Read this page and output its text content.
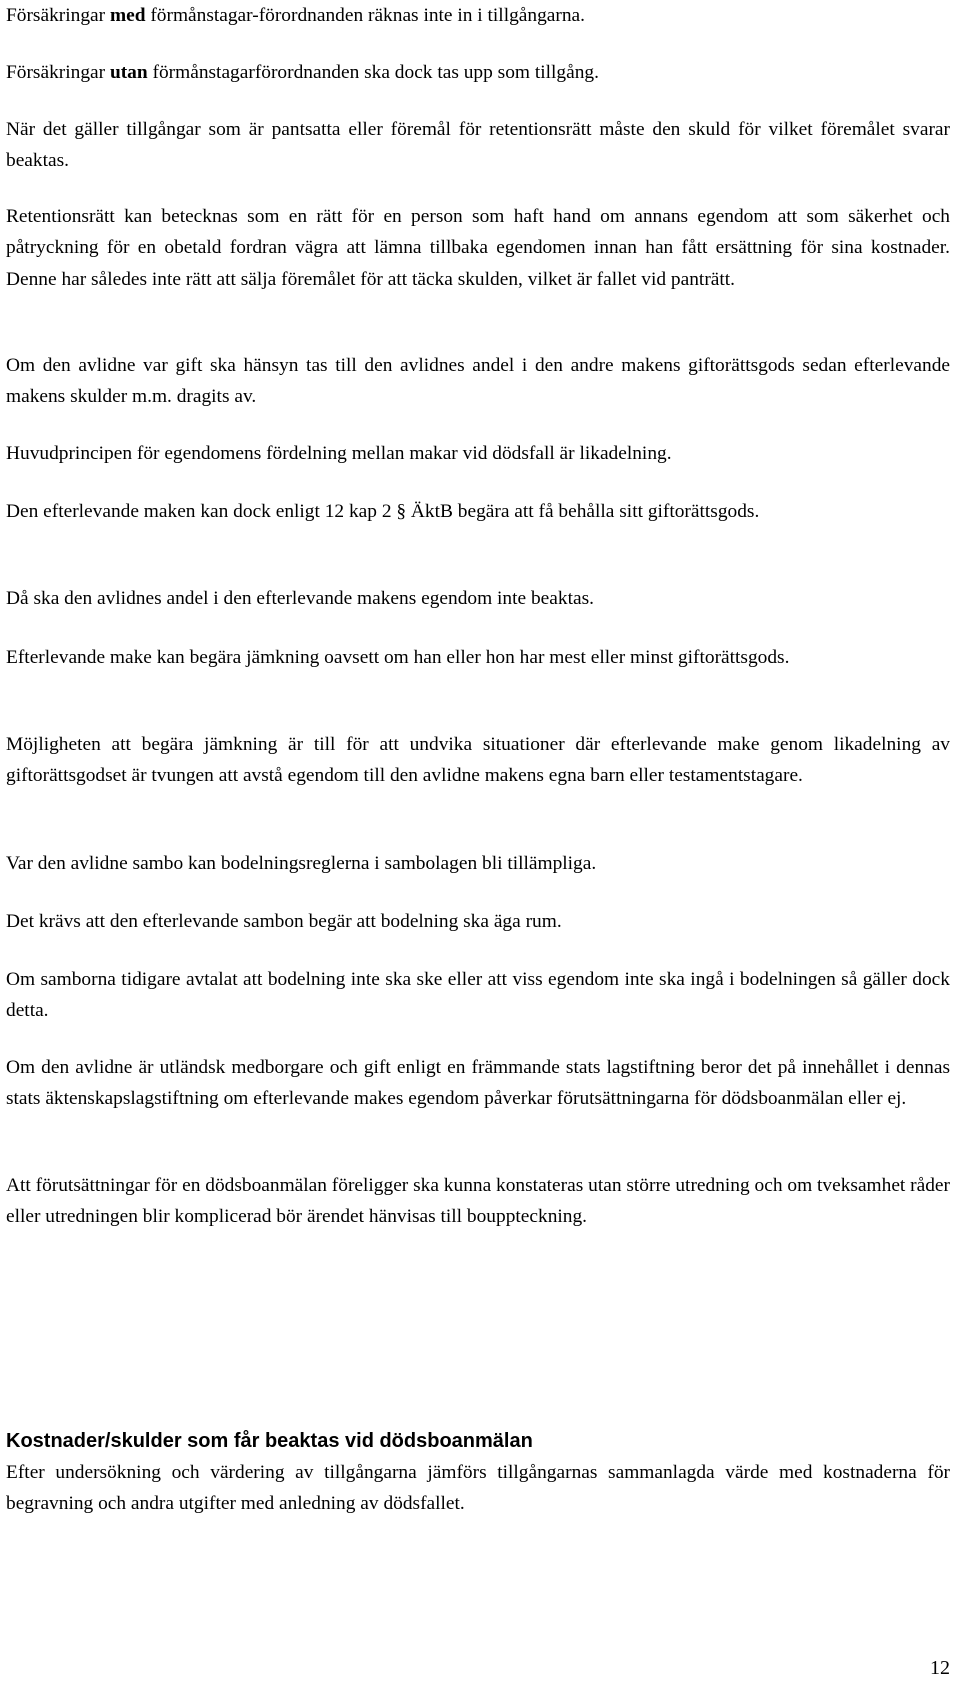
Försäkringar med förmånstagar-förordnanden räknas inte in i tillgångarna.

Försäkringar utan förmånstagarförordnanden ska dock tas upp som tillgång.

När det gäller tillgångar som är pantsatta eller föremål för retentionsrätt måste den skuld för vilket föremålet svarar beaktas.

Retentionsrätt kan betecknas som en rätt för en person som haft hand om annans egendom att som säkerhet och påtryckning för en obetald fordran vägra att lämna tillbaka egendomen innan han fått ersättning för sina kostnader. Denne har således inte rätt att sälja föremålet för att täcka skulden, vilket är fallet vid panträtt.

Om den avlidne var gift ska hänsyn tas till den avlidnes andel i den andre makens giftorättsgods sedan efterlevande makens skulder m.m. dragits av.

Huvudprincipen för egendomens fördelning mellan makar vid dödsfall är likadelning.

Den efterlevande maken kan dock enligt 12 kap 2 § ÄktB begära att få behålla sitt giftorättsgods.

Då ska den avlidnes andel i den efterlevande makens egendom inte beaktas.

Efterlevande make kan begära jämkning oavsett om han eller hon har mest eller minst giftorättsgods.

Möjligheten att begära jämkning är till för att undvika situationer där efterlevande make genom likadelning av giftorättsgodset är tvungen att avstå egendom till den avlidne makens egna barn eller testamentstagare.

Var den avlidne sambo kan bodelningsreglerna i sambolagen bli tillämpliga.

Det krävs att den efterlevande sambon begär att bodelning ska äga rum.

Om samborna tidigare avtalat att bodelning inte ska ske eller att viss egendom inte ska ingå i bodelningen så gäller dock detta.

Om den avlidne är utländsk medborgare och gift enligt en främmande stats lagstiftning beror det på innehållet i dennas stats äktenskapslagstiftning om efterlevande makes egendom påverkar förutsättningarna för dödsboanmälan eller ej.

Att förutsättningar för en dödsboanmälan föreligger ska kunna konstateras utan större utredning och om tveksamhet råder eller utredningen blir komplicerad bör ärendet hänvisas till bouppteckning.

Kostnader/skulder som får beaktas vid dödsboanmälan

Efter undersökning och värdering av tillgångarna jämförs tillgångarnas sammanlagda värde med kostnaderna för begravning och andra utgifter med anledning av dödsfallet.

12
